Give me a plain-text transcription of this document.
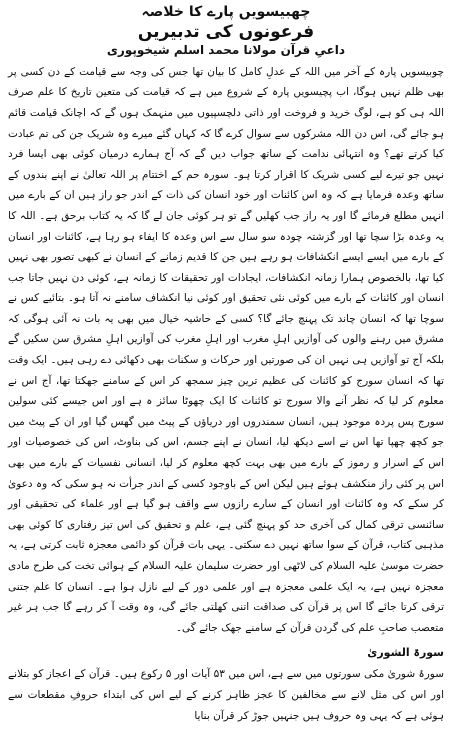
چھبیسویں پارے کا خلاصہ
فرعونوں کی تدبیریں
داعیِ قرآن مولانا محمد اسلم شیخوپوری

چوبیسویں پارہ کے آخر میں اللہ کے عدلِ کامل کا بیان تھا جس کی وجہ سے قیامت کے دن کسی پر بھی ظلم نہیں ہوگا، اب پچیسویں پارہ کے شروع میں ہے کہ قیامت کی متعین تاریخ کا علم صرف اللہ ہی کو ہے، لوگ خرید و فروخت اور ذاتی دلچسپیوں میں منہمک ہوں گے کہ اچانک قیامت قائم ہو جائے گی، اس دن اللہ مشرکوں سے سوال کرے گا کہ کہاں گئے میرے وہ شریک جن کی تم عبادت کیا کرتے تھے؟ وہ انتہائی ندامت کے ساتھ جواب دیں گے کہ آج ہمارے درمیان کوئی بھی ایسا فرد نہیں جو تیرے لیے کسی شریک کا اقرار کرتا ہو۔ سورہ حم کے اختتام پر اللہ تعالیٰ نے اپنے بندوں کے ساتھ وعدہ فرمایا ہے کہ وہ اس کائنات اور خود انسان کی ذات کے اندر جو راز ہیں ان کے بارے میں انہیں مطلع فرمائے گا اور یہ راز جب کھلیں گے تو ہر کوئی جان لے گا کہ یہ کتاب برحق ہے۔ اللہ کا یہ وعدہ بڑا سچا تھا اور گزشتہ چودہ سو سال سے اس وعدہ کا ایفاء ہو رہا ہے، کائنات اور انسان کے بارے میں ایسے ایسے انکشافات ہو رہے ہیں جن کا قدیم زمانے کے انسان نے کبھی تصور بھی نہیں کیا تھا، بالخصوص ہمارا زمانہ انکشافات، ایجادات اور تحقیقات کا زمانہ ہے، کوئی دن نہیں جاتا جب انسان اور کائنات کے بارے میں کوئی نئی تحقیق اور کوئی نیا انکشاف سامنے نہ آتا ہو۔ بتائیے کس نے سوچا تھا کہ انسان چاند تک پہنچ جائے گا؟ کسی کے حاشیہ خیال میں بھی یہ بات نہ آئی ہوگی کہ مشرق میں رہنے والوں کی آوازیں اہلِ مغرب اور اہلِ مغرب کی آوازیں اہلِ مشرق سن سکیں گے بلکہ آج تو آوازیں ہی نہیں ان کی صورتیں اور حرکات و سکنات بھی دکھائی دے رہی ہیں۔ ایک وقت تھا کہ انسان سورج کو کائنات کی عظیم ترین چیز سمجھ کر اس کے سامنے جھکتا تھا، آج اس نے معلوم کر لیا کہ نظر آنے والا سورج تو کائنات کا ایک چھوٹا سائز ہ ہے اور اس جیسے کئی سولین سورج پس پردہ موجود ہیں، انسان سمندروں اور دریاؤں کے پیٹ میں گھس گیا اور ان کے پیٹ میں جو کچھ چھپا تھا اس نے اسے دیکھ لیا، انسان نے اپنے جسم، اس کی بناوٹ، اس کی خصوصیات اور اس کے اسرار و رموز کے بارے میں بھی بہت کچھ معلوم کر لیا، انسانی نفسیات کے بارے میں بھی اس پر کئی راز منکشف ہوئے ہیں لیکن اس کے باوجود کسی کے اندر جرأت نہ ہو سکی کہ وہ دعویٰ کر سکے کہ وہ کائنات اور انسان کے سارے رازوں سے واقف ہو گیا ہے اور علماء کی تحقیقی اور سائنسی ترقی کمال کی آخری حد کو پہنچ گئی ہے، علم و تحقیق کی اس تیز رفتاری کا کوئی بھی مذہبی کتاب، قرآن کے سوا ساتھ نہیں دے سکتی۔ یہی بات قرآن کو دائمی معجزہ ثابت کرتی ہے، یہ حضرت موسیٰ علیہ السلام کی لاٹھی اور حضرت سلیمان علیہ السلام کے ہوائی تخت کی طرح مادی معجزہ نہیں ہے، یہ ایک علمی معجزہ ہے اور علمی دور کے لیے نازل ہوا ہے۔ انسان کا علم جتنی ترقی کرتا جائے گا اس پر قرآن کی صداقت اتنی کھلتی جائے گی، وہ وقت آ کر رہے گا جب ہر غیر متعصب صاحبِ علم کی گردن قرآن کے سامنے جھک جائے گی۔

سورۃ الشوریٰ

سورۂ شوریٰ مکی سورتوں میں سے ہے، اس میں ۵۳ آیات اور ۵ رکوع ہیں۔ قرآن کے اعجاز کو بتلانے اور اس کی مثل لانے سے مخالفین کا عجز ظاہر کرنے کے لیے اس کی ابتداء حروفِ مقطعات سے ہوئی ہے کہ یہی وہ حروف ہیں جنہیں جوڑ کر قرآن بنایا
